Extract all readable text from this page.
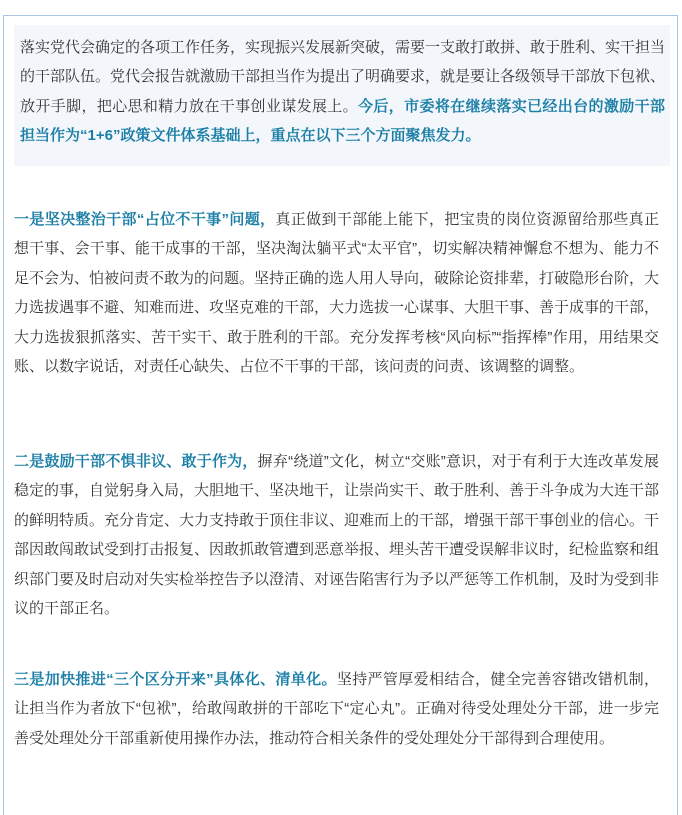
落实党代会确定的各项工作任务，实现振兴发展新突破，需要一支敢打敢拼、敢于胜利、实干担当的干部队伍。党代会报告就激励干部担当作为提出了明确要求，就是要让各级领导干部放下包袱、放开手脚，把心思和精力放在干事创业谋发展上。今后，市委将在继续落实已经出台的激励干部担当作为“1+6”政策文件体系基础上，重点在以下三个方面聚焦发力。

一是坚决整治干部“占位不干事”问题，真正做到干部能上能下，把宝贵的岗位资源留给那些真正想干事、会干事、能干成事的干部，坚决淘汰躺平式“太平官”，切实解决精神懈怠不想为、能力不足不会为、怕被问责不敢为的问题。坚持正确的选人用人导向，破除论资排辈，打破隐形台阶，大力选拔遇事不避、知难而进、攻坚克难的干部，大力选拔一心谋事、大胆干事、善于成事的干部，大力选拔狠抓落实、苦干实干、敢于胜利的干部。充分发挥考核“风向标”“指挥棒”作用，用结果交账、以数字说话，对责任心缺失、占位不干事的干部，该问责的问责、该调整的调整。

二是鼓励干部不惧非议、敢于作为，摒弃“绕道”文化，树立“交账”意识，对于有利于大连改革发展稳定的事，自觉躬身入局，大胆地干、坚决地干，让崇尚实干、敢于胜利、善于斗争成为大连干部的鲜明特质。充分肯定、大力支持敢于顶住非议、迎难而上的干部，增强干部干事创业的信心。干部因敢闯敢试受到打击报复、因敢抓敢管遭到恶意举报、埋头苦干遭受误解非议时，纪检监察和组织部门要及时启动对失实检举控告予以澄清、对诬告陷害行为予以严惩等工作机制，及时为受到非议的干部正名。

三是加快推进“三个区分开来”具体化、清单化。坚持严管厚爱相结合，健全完善容错改错机制，让担当作为者放下“包袱”，给敢闯敢拼的干部吃下“定心丸”。正确对待受处理处分干部，进一步完善受处理处分干部重新使用操作办法，推动符合相关条件的受处理处分干部得到合理使用。
